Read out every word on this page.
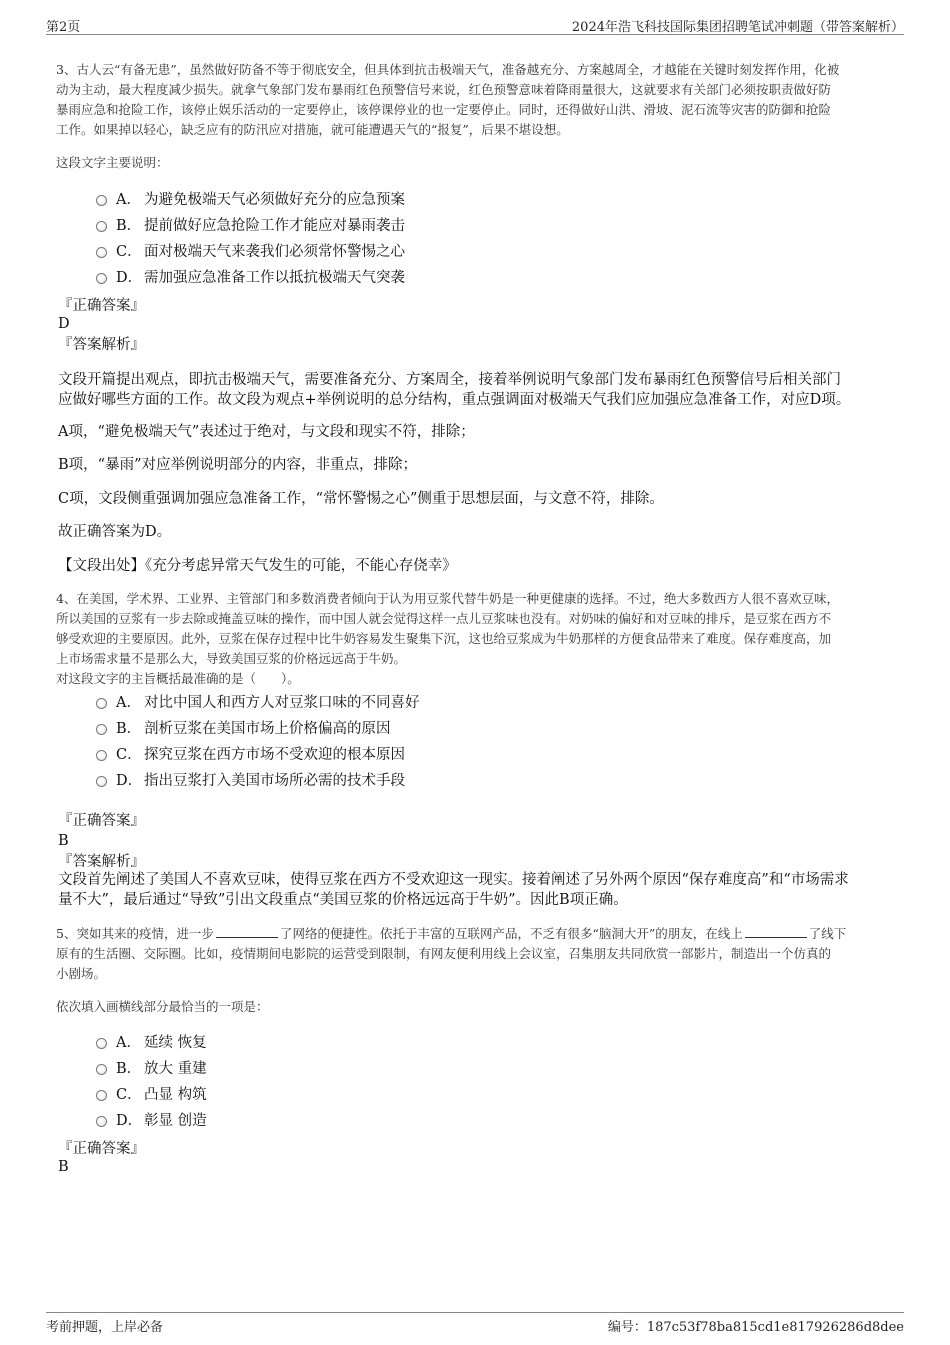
第2页	2024年浩飞科技国际集团招聘笔试冲刺题（带答案解析）
3、古人云“有备无患”，虽然做好防备不等于彻底安全，但具体到抗击极端天气，准备越充分、方案越周全，才越能在关键时刻发挥作用，化被
动为主动，最大程度减少损失。就拿气象部门发布暴雨红色预警信号来说，红色预警意味着降雨量很大，这就要求有关部门必须按职责做好防
暴雨应急和抢险工作，该停止娱乐活动的一定要停止，该停课停业的也一定要停止。同时，还得做好山洪、滑坡、泥石流等灾害的防御和抢险
工作。如果掉以轻心，缺乏应有的防汛应对措施，就可能遭遇天气的“报复”，后果不堪设想。
这段文字主要说明：
A． 为避免极端天气必须做好充分的应急预案
B． 提前做好应急抢险工作才能应对暴雨袭击
C． 面对极端天气来袭我们必须常怀警惕之心
D． 需加强应急准备工作以抵抗极端天气突袭
『正确答案』
D
『答案解析』
文段开篇提出观点，即抗击极端天气，需要准备充分、方案周全，接着举例说明气象部门发布暴雨红色预警信号后相关部门
应做好哪些方面的工作。故文段为观点+举例说明的总分结构，重点强调面对极端天气我们应加强应急准备工作，对应D项。
A项，“避免极端天气”表述过于绝对，与文段和现实不符，排除；
B项，“暴雨”对应举例说明部分的内容，非重点，排除；
C项，文段侧重强调加强应急准备工作，“常怀警惕之心”侧重于思想层面，与文意不符，排除。
故正确答案为D。
【文段出处】《充分考虑异常天气发生的可能，不能心存侥幸》
4、在美国，学术界、工业界、主管部门和多数消费者倾向于认为用豆浆代替牛奶是一种更健康的选择。不过，绝大多数西方人很不喜欢豆味，
所以美国的豆浆有一步去除或掩盖豆味的操作，而中国人就会觉得这样一点儿豆浆味也没有。对奶味的偏好和对豆味的排斥，是豆浆在西方不
够受欢迎的主要原因。此外，豆浆在保存过程中比牛奶容易发生聚集下沉，这也给豆浆成为牛奶那样的方便食品带来了难度。保存难度高，加
上市场需求量不是那么大，导致美国豆浆的价格远远高于牛奶。
对这段文字的主旨概括最准确的是（　　）。
A． 对比中国人和西方人对豆浆口味的不同喜好
B． 剖析豆浆在美国市场上价格偏高的原因
C． 探究豆浆在西方市场不受欢迎的根本原因
D． 指出豆浆打入美国市场所必需的技术手段
『正确答案』
B
『答案解析』
文段首先阐述了美国人不喜欢豆味，使得豆浆在西方不受欢迎这一现实。接着阐述了另外两个原因“保存难度高”和“市场需求
量不大”，最后通过“导致”引出文段重点“美国豆浆的价格远远高于牛奶”。因此B项正确。
5、突如其来的疫情，进一步	了网络的便捷性。依托于丰富的互联网产品，不乏有很多“脑洞大开”的朋友，在线上	了线下
原有的生活圈、交际圈。比如，疫情期间电影院的运营受到限制，有网友便利用线上会议室，召集朋友共同欣赏一部影片，制造出一个仿真的
小剧场。
依次填入画横线部分最恰当的一项是：
A． 延续 恢复
B． 放大 重建
C． 凸显 构筑
D． 彰显 创造
『正确答案』
B
考前押题，上岸必备	编号：187c53f78ba815cd1e817926286d8dee
